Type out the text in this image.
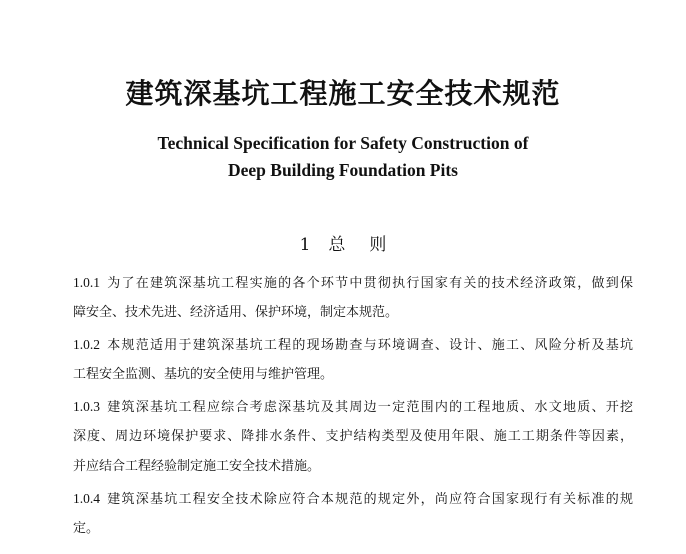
建筑深基坑工程施工安全技术规范
Technical Specification for Safety Construction of
Deep Building Foundation Pits
1 总 则
1.0.1 为了在建筑深基坑工程实施的各个环节中贯彻执行国家有关的技术经济政策，做到保
障安全、技术先进、经济适用、保护环境，制定本规范。
1.0.2 本规范适用于建筑深基坑工程的现场勘查与环境调查、设计、施工、风险分析及基坑
工程安全监测、基坑的安全使用与维护管理。
1.0.3 建筑深基坑工程应综合考虑深基坑及其周边一定范围内的工程地质、水文地质、开挖
深度、周边环境保护要求、降排水条件、支护结构类型及使用年限、施工工期条件等因素，
并应结合工程经验制定施工安全技术措施。
1.0.4 建筑深基坑工程安全技术除应符合本规范的规定外，尚应符合国家现行有关标准的规
定。
